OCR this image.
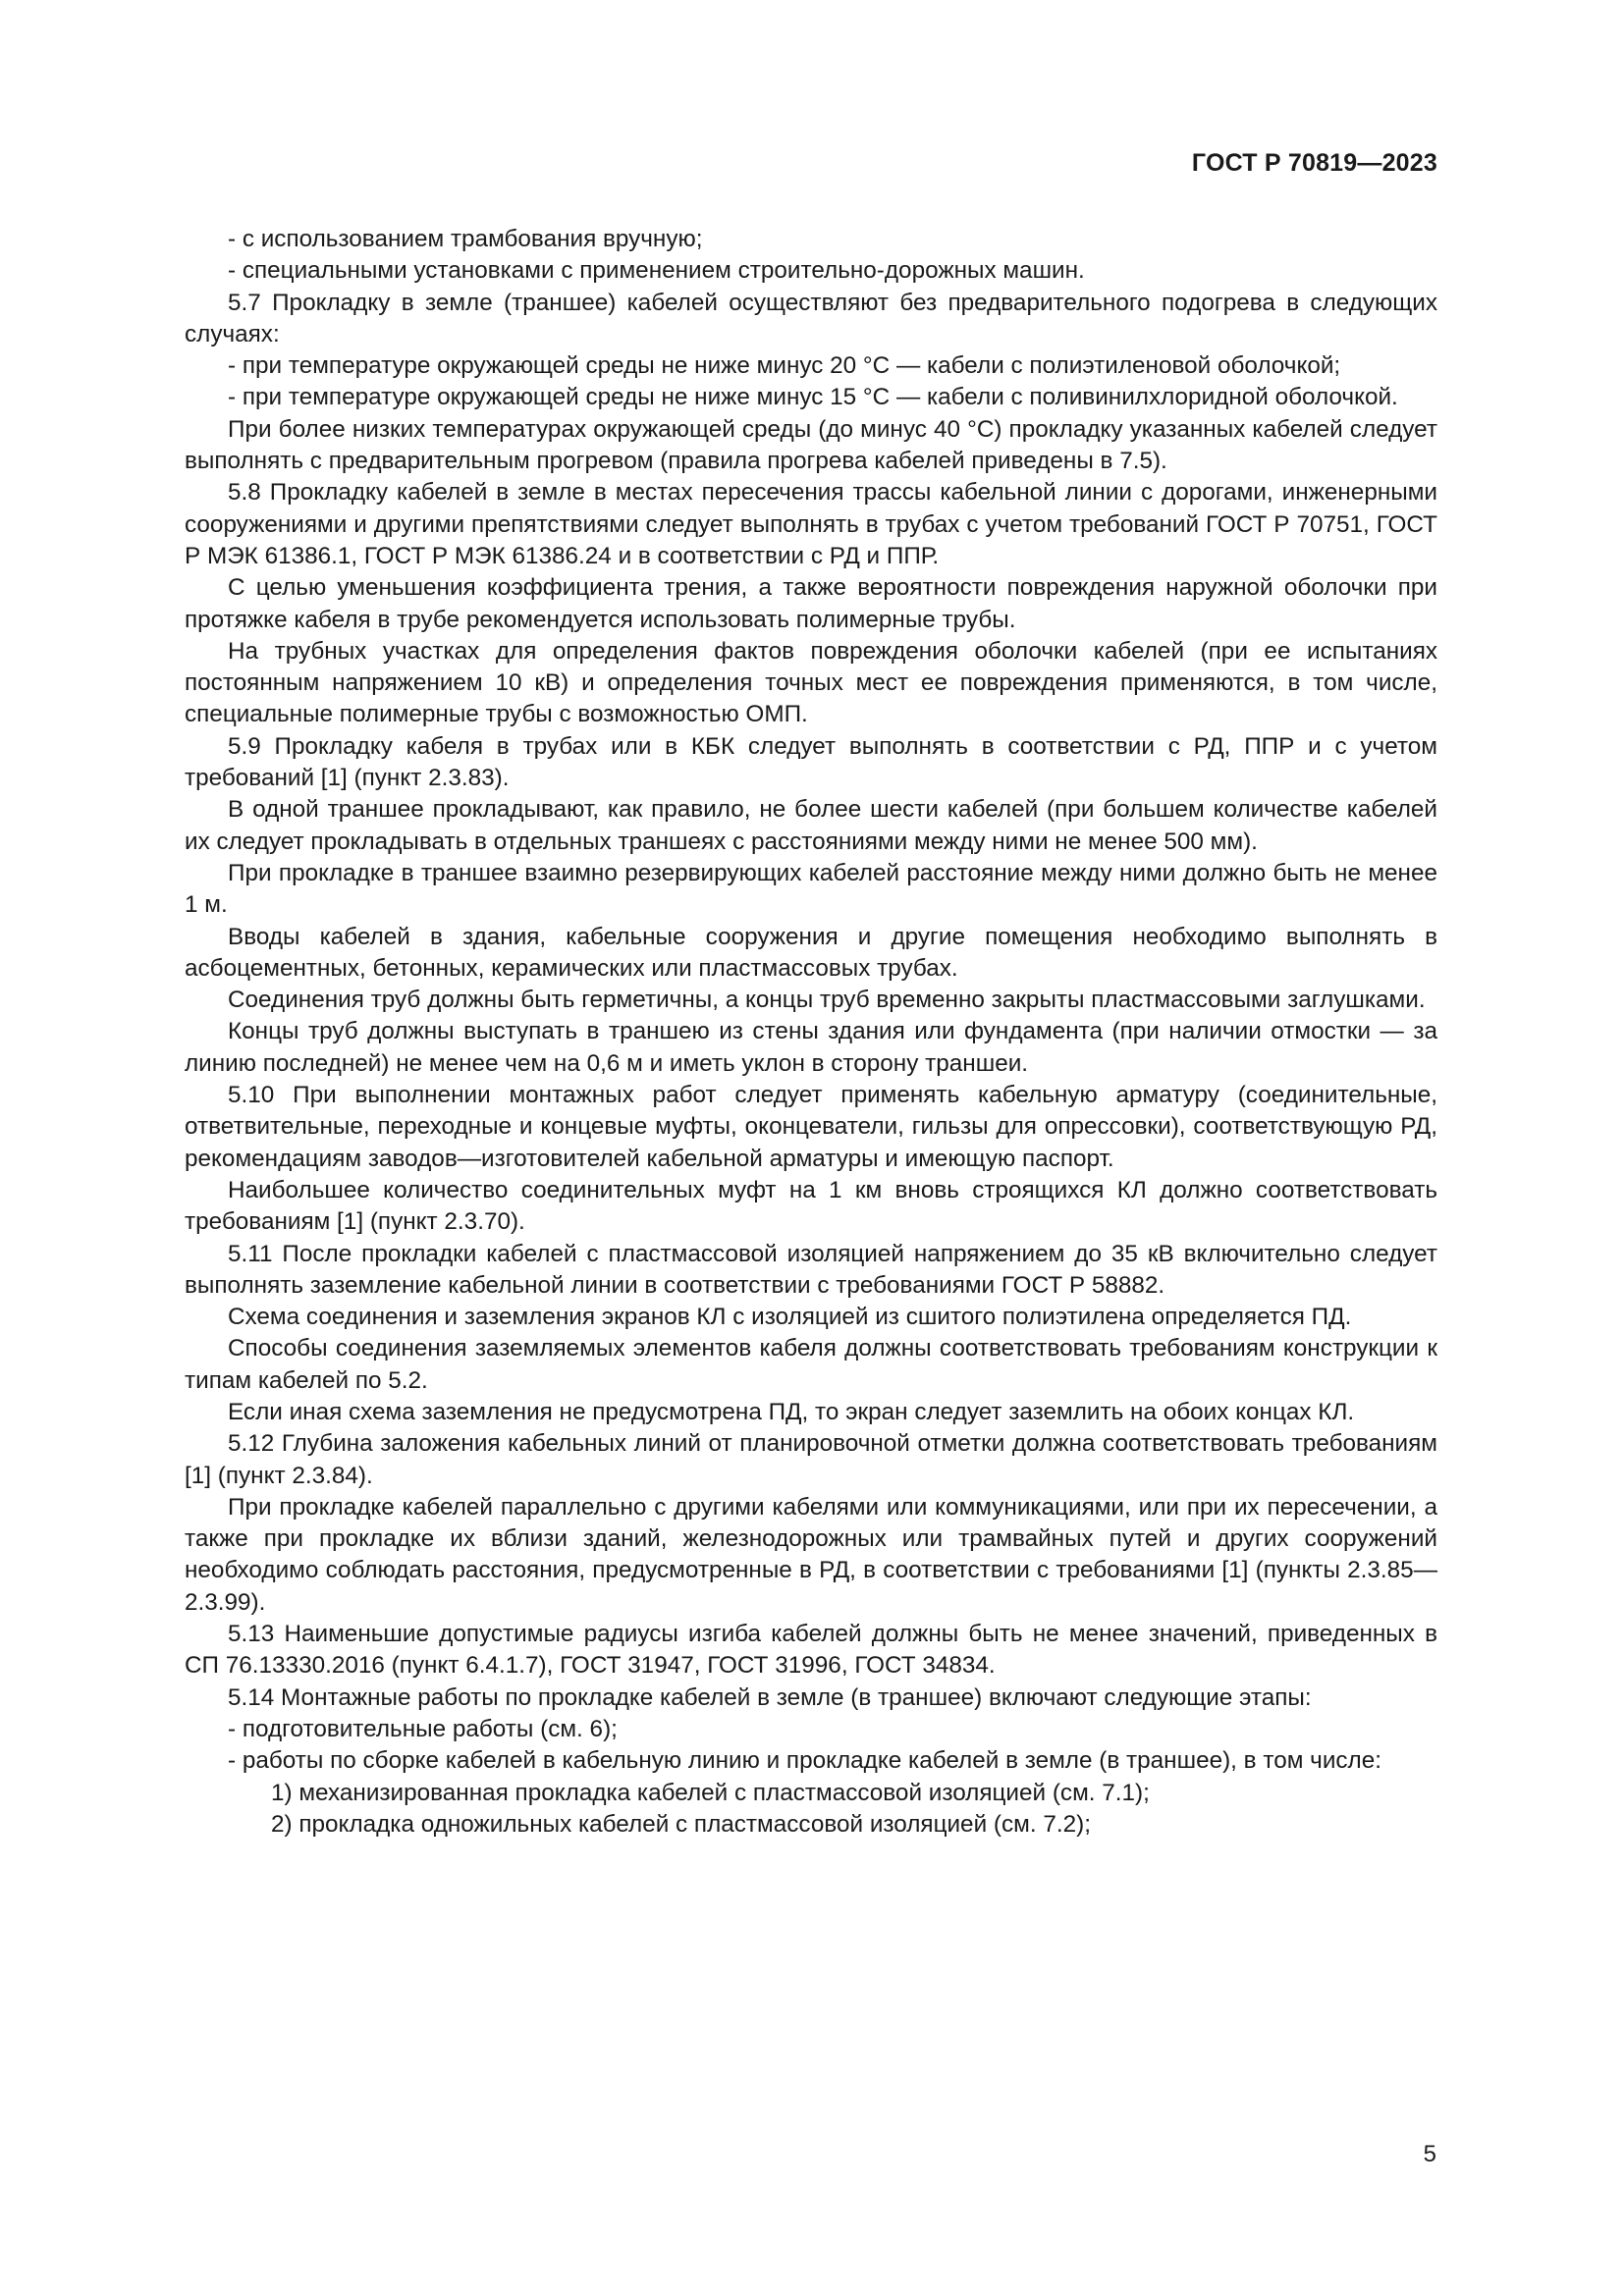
ГОСТ Р 70819—2023

- с использованием трамбования вручную;

- специальными установками с применением строительно-дорожных машин.

5.7 Прокладку в земле (траншее) кабелей осуществляют без предварительного подогрева в следующих случаях:

- при температуре окружающей среды не ниже минус 20 °С — кабели с полиэтиленовой оболочкой;

- при температуре окружающей среды не ниже минус 15 °С — кабели с поливинилхлоридной оболочкой.

При более низких температурах окружающей среды (до минус 40 °С) прокладку указанных кабелей следует выполнять с предварительным прогревом (правила прогрева кабелей приведены в 7.5).

5.8 Прокладку кабелей в земле в местах пересечения трассы кабельной линии с дорогами, инженерными сооружениями и другими препятствиями следует выполнять в трубах с учетом требований ГОСТ Р 70751, ГОСТ Р МЭК 61386.1, ГОСТ Р МЭК 61386.24 и в соответствии с РД и ППР.

С целью уменьшения коэффициента трения, а также вероятности повреждения наружной оболочки при протяжке кабеля в трубе рекомендуется использовать полимерные трубы.

На трубных участках для определения фактов повреждения оболочки кабелей (при ее испытаниях постоянным напряжением 10 кВ) и определения точных мест ее повреждения применяются, в том числе, специальные полимерные трубы с возможностью ОМП.

5.9 Прокладку кабеля в трубах или в КБК следует выполнять в соответствии с РД, ППР и с учетом требований [1] (пункт 2.3.83).

В одной траншее прокладывают, как правило, не более шести кабелей (при большем количестве кабелей их следует прокладывать в отдельных траншеях с расстояниями между ними не менее 500 мм).

При прокладке в траншее взаимно резервирующих кабелей расстояние между ними должно быть не менее 1 м.

Вводы кабелей в здания, кабельные сооружения и другие помещения необходимо выполнять в асбоцементных, бетонных, керамических или пластмассовых трубах.

Соединения труб должны быть герметичны, а концы труб временно закрыты пластмассовыми заглушками.

Концы труб должны выступать в траншею из стены здания или фундамента (при наличии отмостки — за линию последней) не менее чем на 0,6 м и иметь уклон в сторону траншеи.

5.10 При выполнении монтажных работ следует применять кабельную арматуру (соединительные, ответвительные, переходные и концевые муфты, оконцеватели, гильзы для опрессовки), соответствующую РД, рекомендациям заводов—изготовителей кабельной арматуры и имеющую паспорт.

Наибольшее количество соединительных муфт на 1 км вновь строящихся КЛ должно соответствовать требованиям [1] (пункт 2.3.70).

5.11 После прокладки кабелей с пластмассовой изоляцией напряжением до 35 кВ включительно следует выполнять заземление кабельной линии в соответствии с требованиями ГОСТ Р 58882.

Схема соединения и заземления экранов КЛ с изоляцией из сшитого полиэтилена определяется ПД.

Способы соединения заземляемых элементов кабеля должны соответствовать требованиям конструкции к типам кабелей по 5.2.

Если иная схема заземления не предусмотрена ПД, то экран следует заземлить на обоих концах КЛ.

5.12 Глубина заложения кабельных линий от планировочной отметки должна соответствовать требованиям [1] (пункт 2.3.84).

При прокладке кабелей параллельно с другими кабелями или коммуникациями, или при их пересечении, а также при прокладке их вблизи зданий, железнодорожных или трамвайных путей и других сооружений необходимо соблюдать расстояния, предусмотренные в РД, в соответствии с требованиями [1] (пункты 2.3.85—2.3.99).

5.13 Наименьшие допустимые радиусы изгиба кабелей должны быть не менее значений, приведенных в СП 76.13330.2016 (пункт 6.4.1.7), ГОСТ 31947, ГОСТ 31996, ГОСТ 34834.

5.14 Монтажные работы по прокладке кабелей в земле (в траншее) включают следующие этапы:

- подготовительные работы (см. 6);

- работы по сборке кабелей в кабельную линию и прокладке кабелей в земле (в траншее), в том числе:

1) механизированная прокладка кабелей с пластмассовой изоляцией (см. 7.1);

2) прокладка одножильных кабелей с пластмассовой изоляцией (см. 7.2);

5
